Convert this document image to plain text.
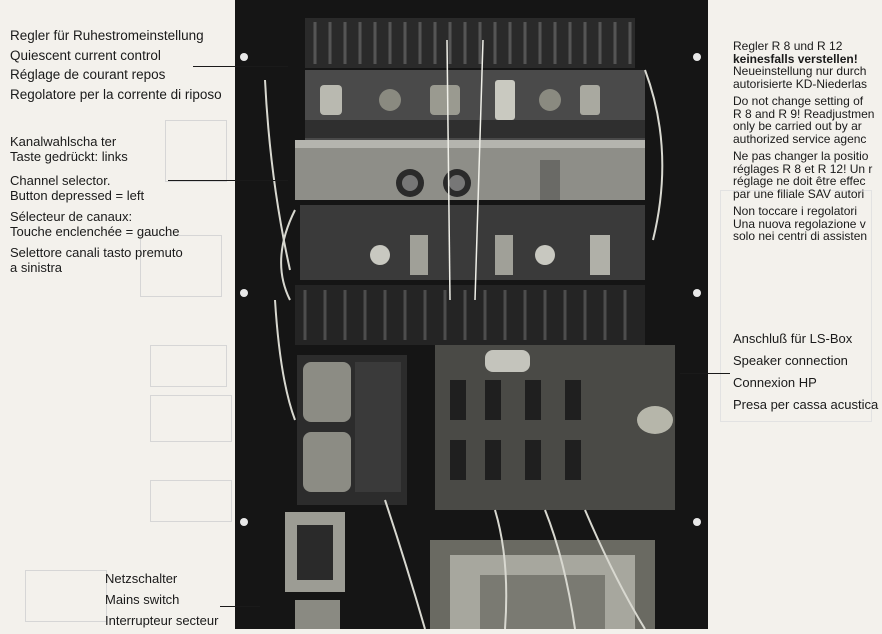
Regler für Ruhestromeinstellung
Quiescent current control
Réglage de courant repos
Regolatore per la corrente di riposo
Kanalwahlscha ter
Taste gedrückt: links
Channel selector.
Button depressed = left
Sélecteur de canaux:
Touche enclenchée = gauche
Selettore canali tasto premuto
a sinistra
Regler R 8 und R 12
keinesfalls verstellen!
Neueinstellung nur durch
autorisierte KD-Niederlas
Do not change setting of
R 8 and R 9! Readjustmen
only be carried out by ar
authorized service agenc
Ne pas changer la positio
réglages R 8 et R 12! Un r
réglage ne doit être effec
par une filiale SAV autori
Non toccare i regolatori
Una nuova regolazione v
solo nei centri di assisten
Anschluß für LS-Box
Speaker connection
Connexion HP
Presa per cassa acustica
Netzschalter
Mains switch
Interrupteur secteur
